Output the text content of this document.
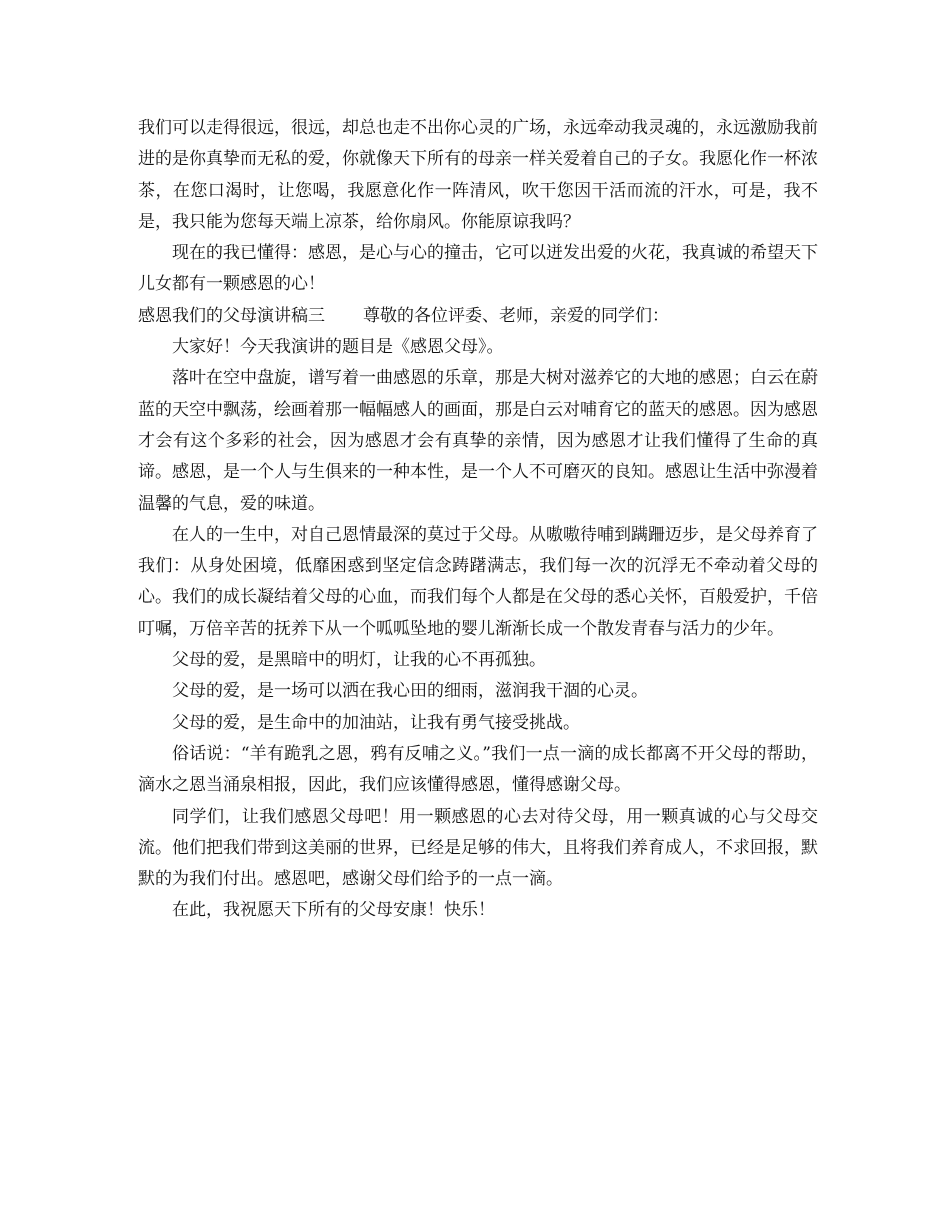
我们可以走得很远，很远，却总也走不出你心灵的广场，永远牵动我灵魂的，永远激励我前进的是你真挚而无私的爱，你就像天下所有的母亲一样关爱着自己的子女。我愿化作一杯浓茶，在您口渴时，让您喝，我愿意化作一阵清风，吹干您因干活而流的汗水，可是，我不是，我只能为您每天端上凉茶，给你扇风。你能原谅我吗？

现在的我已懂得：感恩，是心与心的撞击，它可以迸发出爱的火花，我真诚的希望天下儿女都有一颗感恩的心！

感恩我们的父母演讲稿三 尊敬的各位评委、老师，亲爱的同学们：

大家好！今天我演讲的题目是《感恩父母》。

落叶在空中盘旋，谱写着一曲感恩的乐章，那是大树对滋养它的大地的感恩；白云在蔚蓝的天空中飘荡，绘画着那一幅幅感人的画面，那是白云对哺育它的蓝天的感恩。因为感恩才会有这个多彩的社会，因为感恩才会有真挚的亲情，因为感恩才让我们懂得了生命的真谛。感恩，是一个人与生俱来的一种本性，是一个人不可磨灭的良知。感恩让生活中弥漫着温馨的气息，爱的味道。

在人的一生中，对自己恩情最深的莫过于父母。从嗷嗷待哺到蹒跚迈步，是父母养育了我们：从身处困境，低靡困惑到坚定信念踌躇满志，我们每一次的沉浮无不牵动着父母的心。我们的成长凝结着父母的心血，而我们每个人都是在父母的悉心关怀，百般爱护，千倍叮嘱，万倍辛苦的抚养下从一个呱呱坠地的婴儿渐渐长成一个散发青春与活力的少年。

父母的爱，是黑暗中的明灯，让我的心不再孤独。

父母的爱，是一场可以洒在我心田的细雨，滋润我干涸的心灵。

父母的爱，是生命中的加油站，让我有勇气接受挑战。

俗话说：“羊有跪乳之恩，鸦有反哺之义。”我们一点一滴的成长都离不开父母的帮助，滴水之恩当涌泉相报，因此，我们应该懂得感恩，懂得感谢父母。

同学们，让我们感恩父母吧！用一颗感恩的心去对待父母，用一颗真诚的心与父母交流。他们把我们带到这美丽的世界，已经是足够的伟大，且将我们养育成人，不求回报，默默的为我们付出。感恩吧，感谢父母们给予的一点一滴。

在此，我祝愿天下所有的父母安康！快乐！
